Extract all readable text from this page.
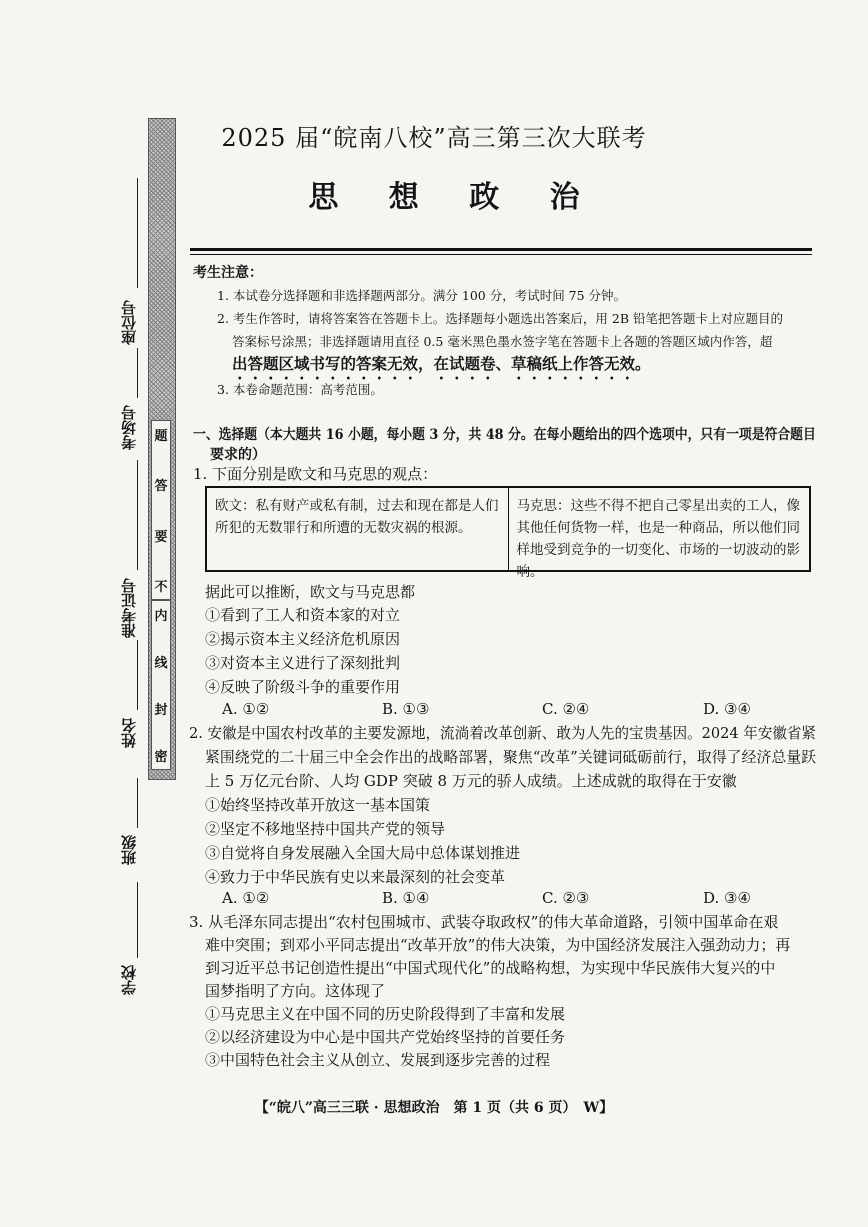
座位号
考场号
准考证号
姓名
班级
学校
题
答
要
不
内
线
封
密
2025 届“皖南八校”高三第三次大联考
思 想 政 治
考生注意：
1. 本试卷分选择题和非选择题两部分。满分 100 分，考试时间 75 分钟。
2. 考生作答时，请将答案答在答题卡上。选择题每小题选出答案后，用 2B 铅笔把答题卡上对应题目的
答案标号涂黑；非选择题请用直径 0.5 毫米黑色墨水签字笔在答题卡上各题的答题区域内作答，超
出答题区域书写的答案无效，在试题卷、草稿纸上作答无效。
3. 本卷命题范围：高考范围。
一、选择题（本大题共 16 小题，每小题 3 分，共 48 分。在每小题给出的四个选项中，只有一项是符合题目
要求的）
1. 下面分别是欧文和马克思的观点：
欧文：私有财产或私有制，过去和现在都是人们所犯的无数罪行和所遭的无数灾祸的根源。
马克思：这些不得不把自己零星出卖的工人，像其他任何货物一样，也是一种商品，所以他们同样地受到竞争的一切变化、市场的一切波动的影响。
据此可以推断，欧文与马克思都
①看到了工人和资本家的对立
②揭示资本主义经济危机原因
③对资本主义进行了深刻批判
④反映了阶级斗争的重要作用
A. ①②	B. ①③	C. ②④	D. ③④
2. 安徽是中国农村改革的主要发源地，流淌着改革创新、敢为人先的宝贵基因。2024 年安徽省紧
紧围绕党的二十届三中全会作出的战略部署，聚焦“改革”关键词砥砺前行，取得了经济总量跃
上 5 万亿元台阶、人均 GDP 突破 8 万元的骄人成绩。上述成就的取得在于安徽
①始终坚持改革开放这一基本国策
②坚定不移地坚持中国共产党的领导
③自觉将自身发展融入全国大局中总体谋划推进
④致力于中华民族有史以来最深刻的社会变革
A. ①②	B. ①④	C. ②③	D. ③④
3. 从毛泽东同志提出“农村包围城市、武装夺取政权”的伟大革命道路，引领中国革命在艰
难中突围；到邓小平同志提出“改革开放”的伟大决策，为中国经济发展注入强劲动力；再
到习近平总书记创造性提出“中国式现代化”的战略构想，为实现中华民族伟大复兴的中
国梦指明了方向。这体现了
①马克思主义在中国不同的历史阶段得到了丰富和发展
②以经济建设为中心是中国共产党始终坚持的首要任务
③中国特色社会主义从创立、发展到逐步完善的过程
【“皖八”高三三联 · 思想政治　第 1 页（共 6 页）　W】
